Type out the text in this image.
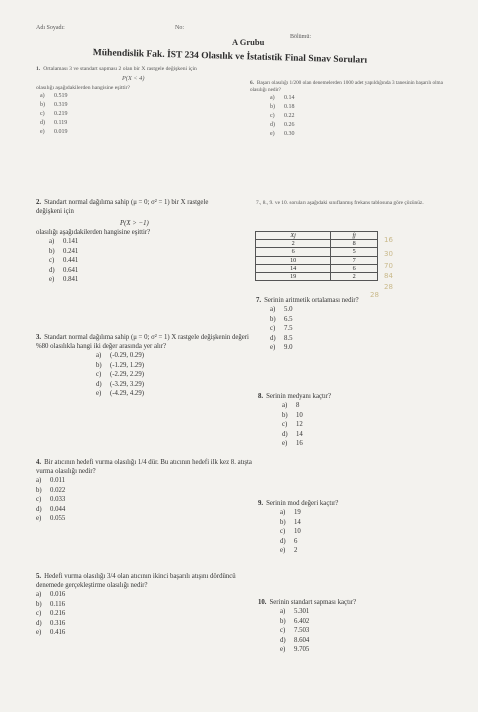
Adı Soyadı:	No:
A Grubu	Bölümü:
Mühendislik Fak. İST 234 Olasılık ve İstatistik Final Sınav Soruları
1. Ortalaması 3 ve standart sapması 2 olan bir X rastgele değişkeni için
P(X < 4)
olasılığı aşağıdakilerden hangisine eşittir?
a) 0.519
b) 0.319
c) 0.219
d) 0.119
e) 0.019
6. Başarı olasılığı 1/200 olan denemelerden 1000 adet yapıldığında 3 tanesinin başarılı olma olasılığı nedir?
a) 0.14
b) 0.18
c) 0.22
d) 0.26
e) 0.30
2. Standart normal dağılıma sahip (μ = 0; σ² = 1) bir X rastgele değişkeni için
P(X > −1)
olasılığı aşağıdakilerden hangisine eşittir?
a) 0.141
b) 0.241
c) 0.441
d) 0.641
e) 0.841
7., 8., 9. ve 10. soruları aşağıdaki sınıflanmış frekans tablosuna göre çözünüz.
Xj	fj
2	8
6	5
10	7
14	6
19	2
7. Serinin aritmetik ortalaması nedir?
a) 5.0
b) 6.5
c) 7.5
d) 8.5
e) 9.0
3. Standart normal dağılıma sahip (μ = 0; σ² = 1) X rastgele değişkenin değeri %80 olasılıkla hangi iki değer arasında yer alır?
a) (-0.29, 0.29)
b) (-1.29, 1.29)
c) (-2.29, 2.29)
d) (-3.29, 3.29)
e) (-4.29, 4.29)	8. Serinin medyanı kaçtır?
a) 8
b) 10
c) 12
d) 14
e) 16
4. Bir atıcının hedefi vurma olasılığı 1/4 dür. Bu atıcının hedefi ilk kez 8. atışta vurma olasılığı nedir?
a) 0.011
b) 0.022
c) 0.033
d) 0.044
e) 0.055
9. Serinin mod değeri kaçtır?
a) 19
b) 14
c) 10
d) 6
e) 2
5. Hedefi vurma olasılığı 3/4 olan atıcının ikinci başarılı atışını dördüncü denemede gerçekleştirme olasılığı nedir?
a) 0.016
b) 0.116
c) 0.216
d) 0.316
e) 0.416
10. Serinin standart sapması kaçtır?
a) 5.301
b) 6.402
c) 7.503
d) 8.604
e) 9.705
16
30
70
84
28
28
